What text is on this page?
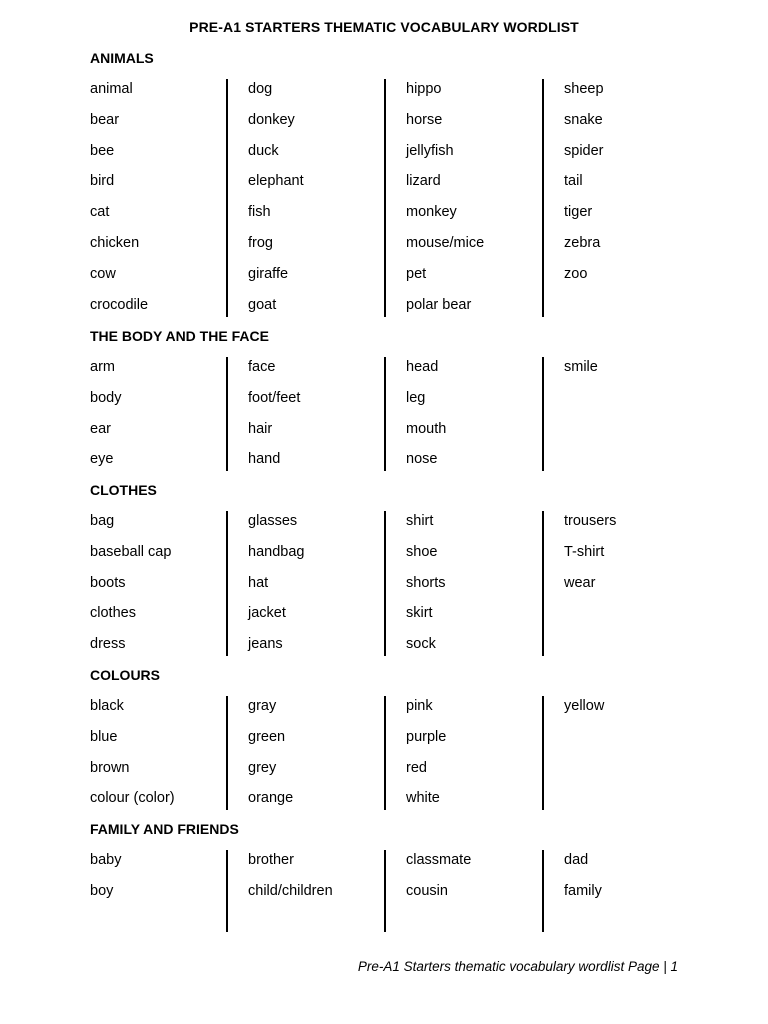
PRE-A1 STARTERS THEMATIC VOCABULARY WORDLIST
ANIMALS
animal
bear
bee
bird
cat
chicken
cow
crocodile
dog
donkey
duck
elephant
fish
frog
giraffe
goat
hippo
horse
jellyfish
lizard
monkey
mouse/mice
pet
polar bear
sheep
snake
spider
tail
tiger
zebra
zoo
THE BODY AND THE FACE
arm
body
ear
eye
face
foot/feet
hair
hand
head
leg
mouth
nose
smile
CLOTHES
bag
baseball cap
boots
clothes
dress
glasses
handbag
hat
jacket
jeans
shirt
shoe
shorts
skirt
sock
trousers
T-shirt
wear
COLOURS
black
blue
brown
colour (color)
gray
green
grey
orange
pink
purple
red
white
yellow
FAMILY AND FRIENDS
baby
boy
brother
child/children
classmate
cousin
dad
family
Pre-A1 Starters thematic vocabulary wordlist Page | 1
